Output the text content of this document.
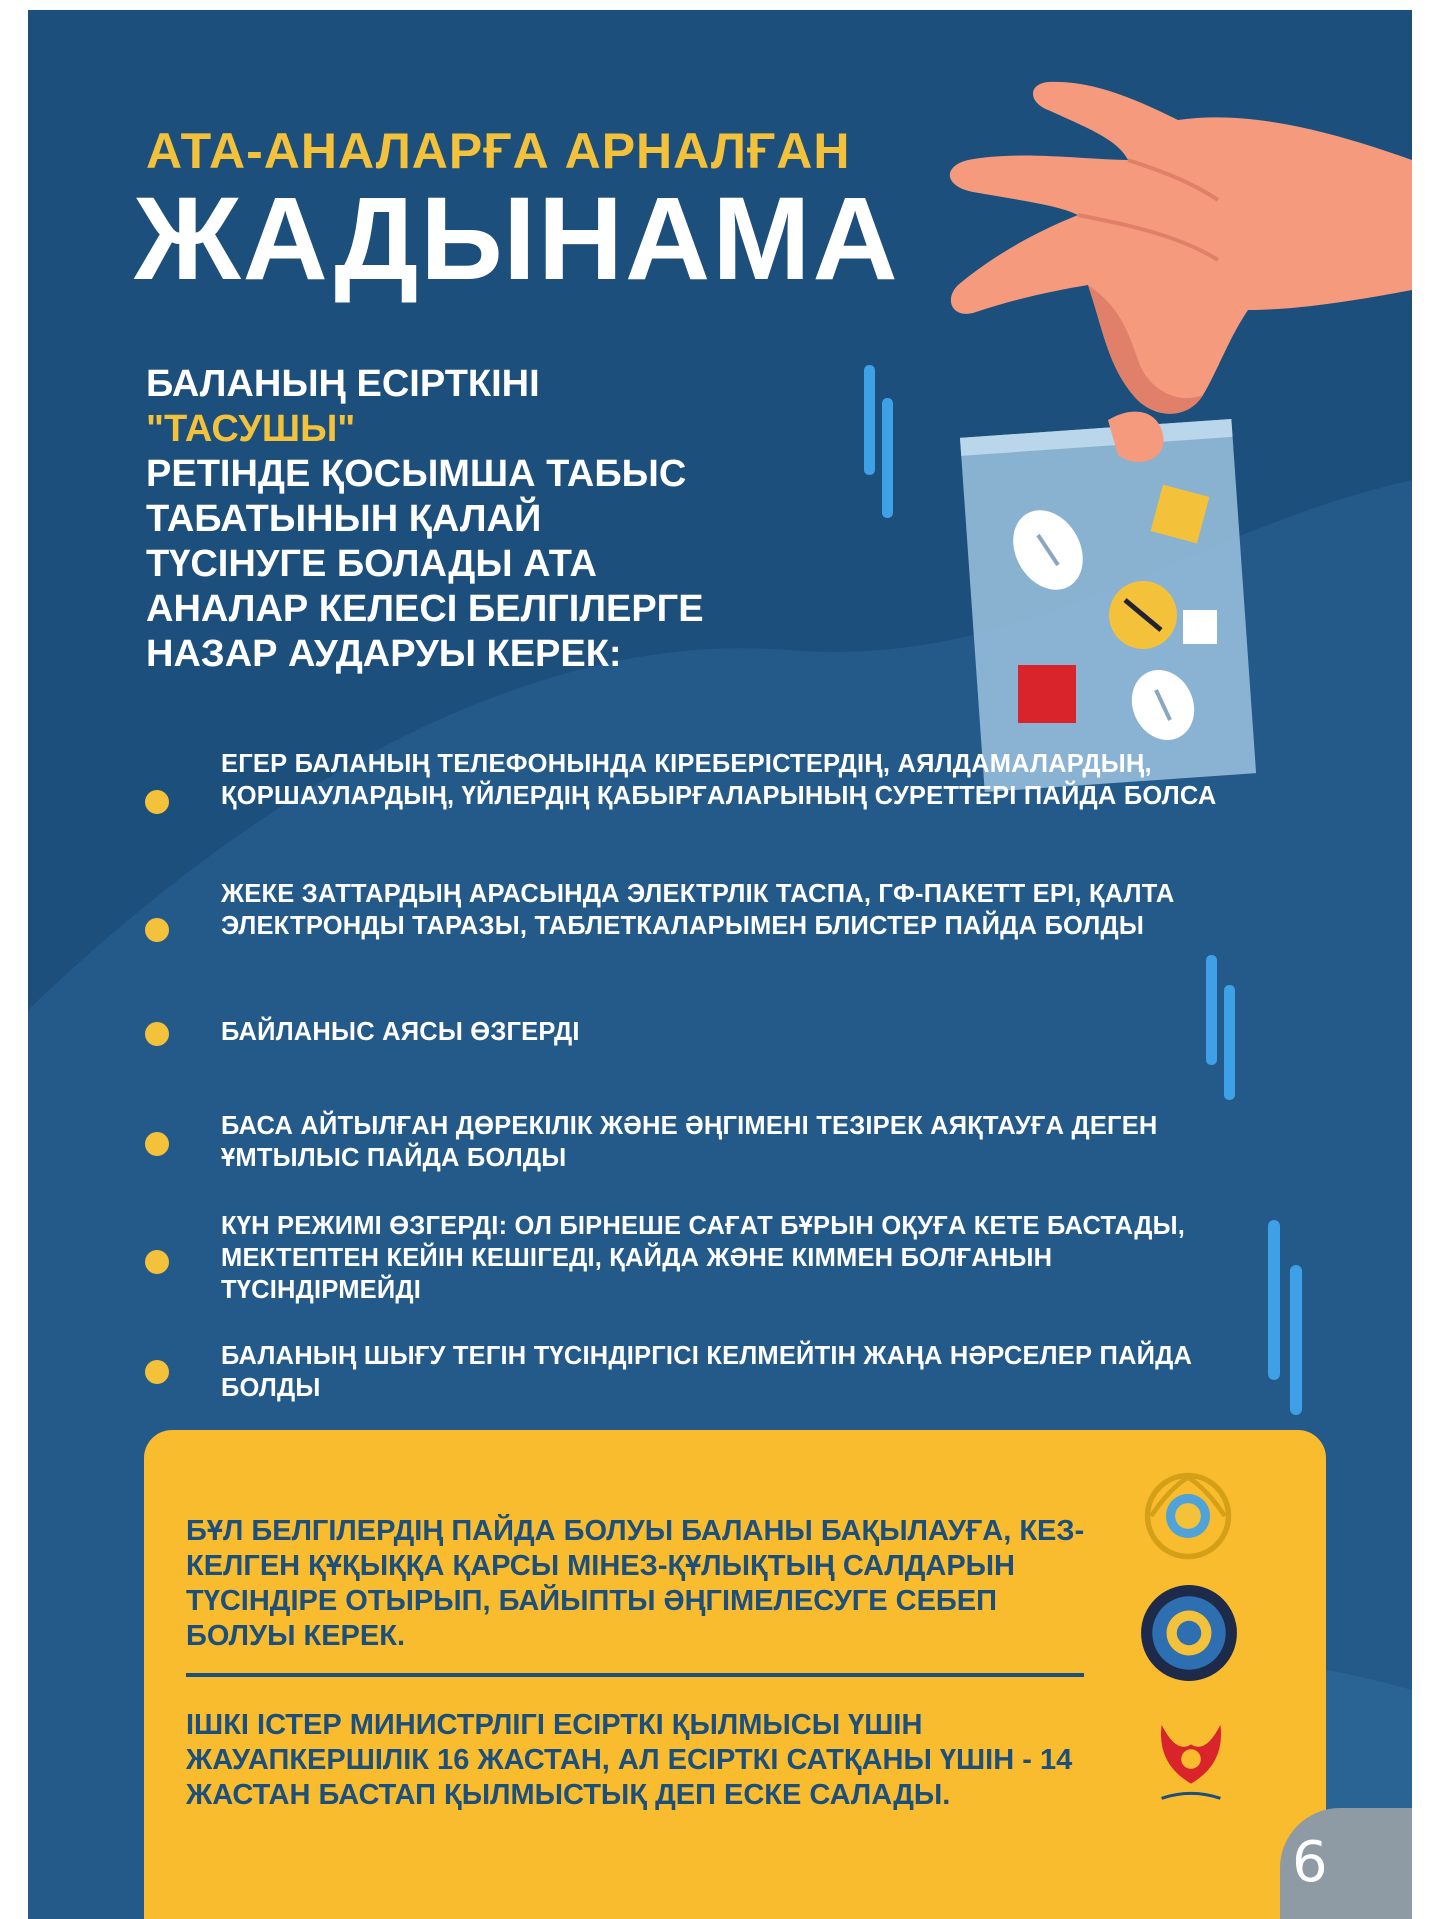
АТА-АНАЛАРҒА АРНАЛҒАН
ЖАДЫНАМА
БАЛАНЫҢ ЕСІРТКІНІ
"ТАСУШЫ"
РЕТІНДЕ ҚОСЫМША ТАБЫС
ТАБАТЫНЫН ҚАЛАЙ
ТҮСІНУГЕ БОЛАДЫ АТА
АНАЛАР КЕЛЕСІ БЕЛГІЛЕРГЕ
НАЗАР АУДАРУЫ КЕРЕК:
ЕГЕР БАЛАНЫҢ ТЕЛЕФОНЫНДА КІРЕБЕРІСТЕРДІҢ, АЯЛДАМАЛАРДЫҢ, ҚОРШАУЛАРДЫҢ, ҮЙЛЕРДІҢ ҚАБЫРҒАЛАРЫНЫҢ СУРЕТТЕРІ ПАЙДА БОЛСА
ЖЕКЕ ЗАТТАРДЫҢ АРАСЫНДА ЭЛЕКТРЛІК ТАСПА, ГФ-ПАКЕТТ ЕРІ, ҚАЛТА ЭЛЕКТРОНДЫ ТАРАЗЫ, ТАБЛЕТКАЛАРЫМЕН БЛИСТЕР ПАЙДА БОЛДЫ
БАЙЛАНЫС АЯСЫ ӨЗГЕРДІ
БАСА АЙТЫЛҒАН ДӨРЕКІЛІК ЖӘНЕ ӘҢГІМЕНІ ТЕЗІРЕК АЯҚТАУҒА ДЕГЕН ҰМТЫЛЫС ПАЙДА БОЛДЫ
КҮН РЕЖИМІ ӨЗГЕРДІ: ОЛ БІРНЕШЕ САҒАТ БҰРЫН ОҚУҒА КЕТЕ БАСТАДЫ, МЕКТЕПТЕН КЕЙІН КЕШІГЕДІ, ҚАЙДА ЖӘНЕ КІММЕН БОЛҒАНЫН ТҮСІНДІРМЕЙДІ
БАЛАНЫҢ ШЫҒУ ТЕГІН ТҮСІНДІРГІСІ КЕЛМЕЙТІН ЖАҢА НӘРСЕЛЕР ПАЙДА БОЛДЫ
БҰЛ БЕЛГІЛЕРДІҢ ПАЙДА БОЛУЫ БАЛАНЫ БАҚЫЛАУҒА, КЕЗ-КЕЛГЕН ҚҰҚЫҚҚА ҚАРСЫ МІНЕЗ-ҚҰЛЫҚТЫҢ САЛДАРЫН ТҮСІНДІРЕ ОТЫРЫП, БАЙЫПТЫ ӘҢГІМЕЛЕСУГЕ СЕБЕП БОЛУЫ КЕРЕК.
ІШКІ ІСТЕР МИНИСТРЛІГІ ЕСІРТКІ ҚЫЛМЫСЫ ҮШІН ЖАУАПКЕРШІЛІК 16 ЖАСТАН, АЛ ЕСІРТКІ САТҚАНЫ ҮШІН - 14 ЖАСТАН БАСТАП ҚЫЛМЫСТЫҚ ДЕП ЕСКЕ САЛАДЫ.
6
